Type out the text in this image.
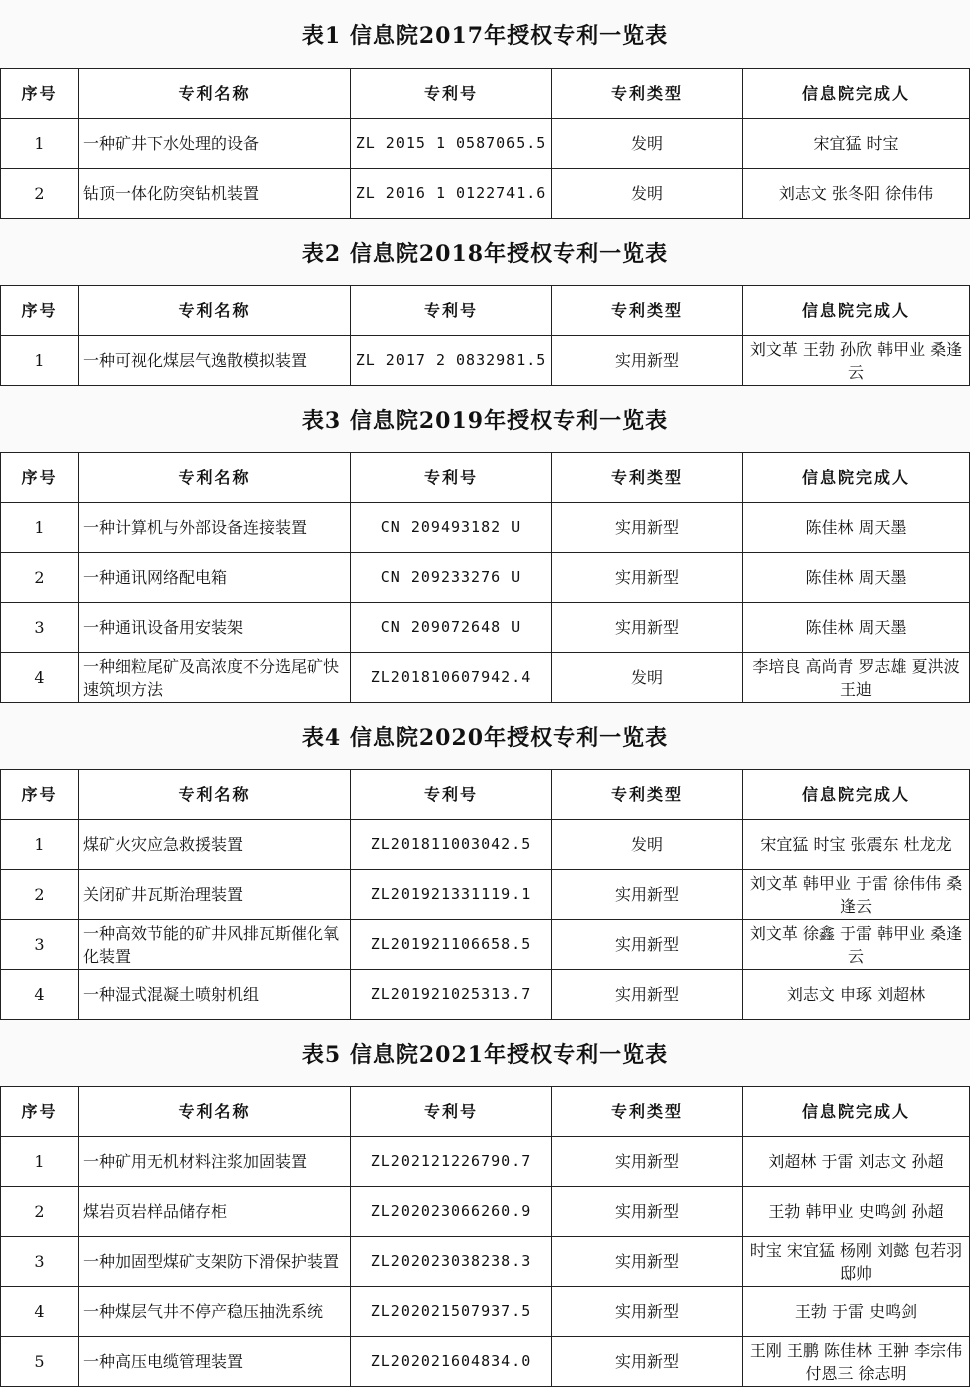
表1 信息院2017年授权专利一览表
序号	专利名称	专利号	专利类型	信息院完成人
1	一种矿井下水处理的设备	ZL 2015 1 0587065.5	发明	宋宜猛 时宝
2	钻顶一体化防突钻机装置	ZL 2016 1 0122741.6	发明	刘志文 张冬阳 徐伟伟
表2 信息院2018年授权专利一览表
序号	专利名称	专利号	专利类型	信息院完成人
1	一种可视化煤层气逸散模拟装置	ZL 2017 2 0832981.5	实用新型	刘文革 王勃 孙欣 韩甲业 桑逢云
表3 信息院2019年授权专利一览表
序号	专利名称	专利号	专利类型	信息院完成人
1	一种计算机与外部设备连接装置	CN 209493182 U	实用新型	陈佳林 周天墨
2	一种通讯网络配电箱	CN 209233276 U	实用新型	陈佳林 周天墨
3	一种通讯设备用安装架	CN 209072648 U	实用新型	陈佳林 周天墨
4	一种细粒尾矿及高浓度不分选尾矿快速筑坝方法	ZL201810607942.4	发明	李培良 高尚青 罗志雄 夏洪波 王迪
表4 信息院2020年授权专利一览表
序号	专利名称	专利号	专利类型	信息院完成人
1	煤矿火灾应急救援装置	ZL201811003042.5	发明	宋宜猛 时宝 张震东 杜龙龙
2	关闭矿井瓦斯治理装置	ZL201921331119.1	实用新型	刘文革 韩甲业 于雷 徐伟伟 桑逢云
3	一种高效节能的矿井风排瓦斯催化氧化装置	ZL201921106658.5	实用新型	刘文革 徐鑫 于雷 韩甲业 桑逢云
4	一种湿式混凝土喷射机组	ZL201921025313.7	实用新型	刘志文 申琢 刘超林
表5 信息院2021年授权专利一览表
序号	专利名称	专利号	专利类型	信息院完成人
1	一种矿用无机材料注浆加固装置	ZL202121226790.7	实用新型	刘超林 于雷 刘志文 孙超
2	煤岩页岩样品储存柜	ZL202023066260.9	实用新型	王勃 韩甲业 史鸣剑 孙超
3	一种加固型煤矿支架防下滑保护装置	ZL202023038238.3	实用新型	时宝 宋宜猛 杨刚 刘懿 包若羽 邸帅
4	一种煤层气井不停产稳压抽洗系统	ZL202021507937.5	实用新型	王勃 于雷 史鸣剑
5	一种高压电缆管理装置	ZL202021604834.0	实用新型	王刚 王鹏 陈佳林 王翀 李宗伟 付恩三 徐志明
